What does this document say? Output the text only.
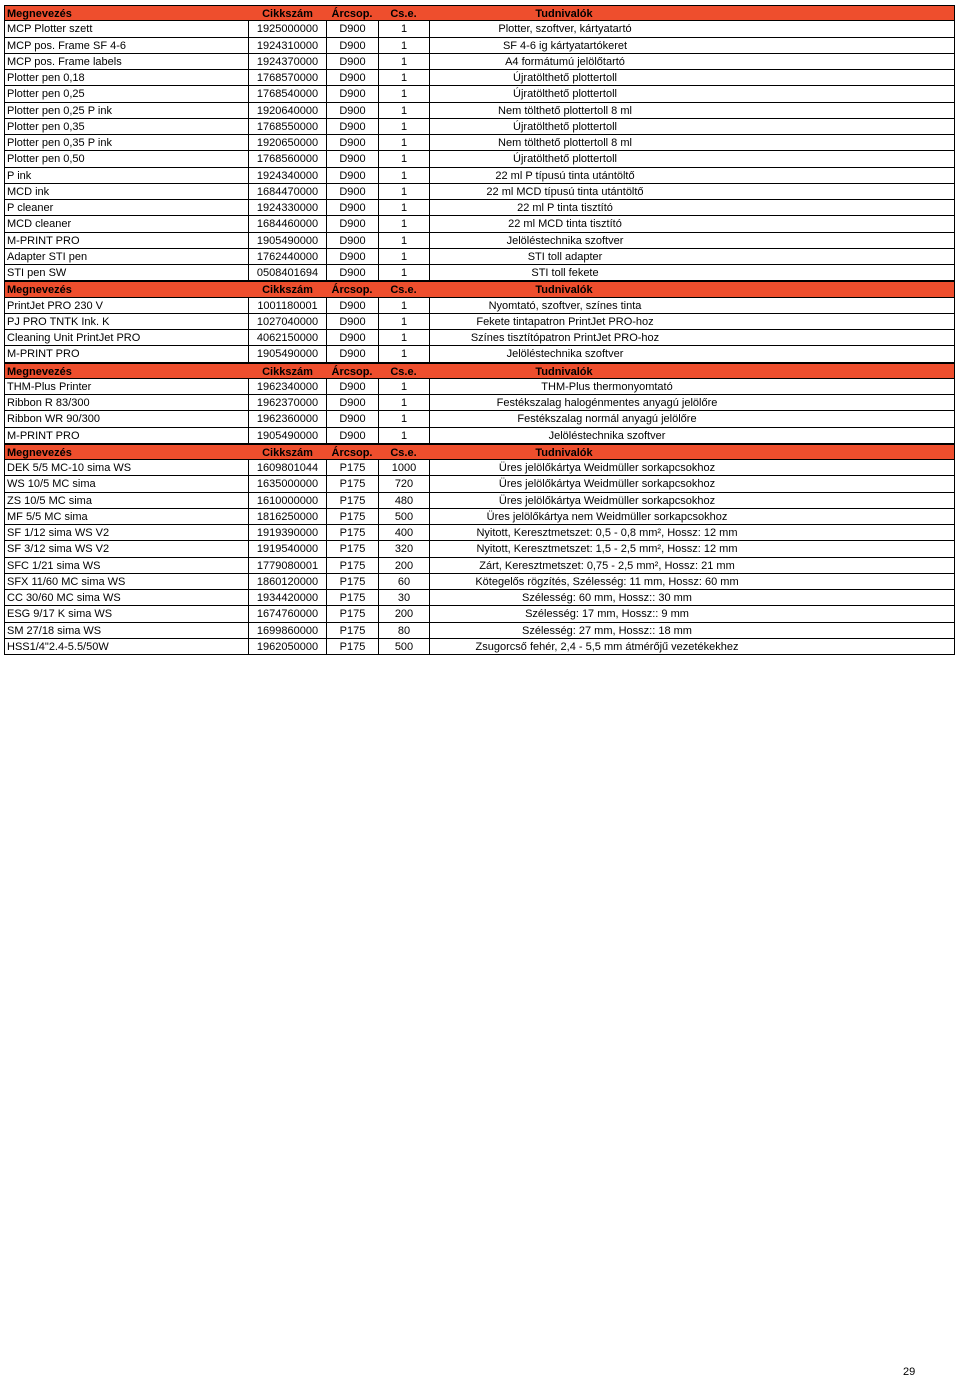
Megnevezés	Cikkszám	Árcsop.	Cs.e.	Tudnivalók
MCP Plotter szett	1925000000	D900	1	Plotter, szoftver, kártyatartó
MCP pos. Frame SF 4-6	1924310000	D900	1	SF 4-6 ig kártyatartókeret
MCP pos. Frame labels	1924370000	D900	1	A4 formátumú jelölőtartó
Plotter pen 0,18	1768570000	D900	1	Újratölthető plottertoll
Plotter pen 0,25	1768540000	D900	1	Újratölthető plottertoll
Plotter pen 0,25 P ink	1920640000	D900	1	Nem tölthető plottertoll 8 ml
Plotter pen 0,35	1768550000	D900	1	Újratölthető plottertoll
Plotter pen 0,35 P ink	1920650000	D900	1	Nem tölthető plottertoll 8 ml
Plotter pen 0,50	1768560000	D900	1	Újratölthető plottertoll
P ink	1924340000	D900	1	22 ml P típusú tinta utántöltő
MCD ink	1684470000	D900	1	22 ml MCD típusú tinta utántöltő
P cleaner	1924330000	D900	1	22 ml P tinta tisztító
MCD cleaner	1684460000	D900	1	22 ml MCD tinta tisztító
M-PRINT PRO	1905490000	D900	1	Jelöléstechnika szoftver
Adapter STI pen	1762440000	D900	1	STI toll adapter
STI pen SW	0508401694	D900	1	STI toll fekete
Megnevezés	Cikkszám	Árcsop.	Cs.e.	Tudnivalók
PrintJet PRO 230 V	1001180001	D900	1	Nyomtató, szoftver, színes tinta
PJ PRO TNTK Ink. K	1027040000	D900	1	Fekete tintapatron PrintJet PRO-hoz
Cleaning Unit PrintJet PRO	4062150000	D900	1	Színes tisztítópatron PrintJet PRO-hoz
M-PRINT PRO	1905490000	D900	1	Jelöléstechnika szoftver
Megnevezés	Cikkszám	Árcsop.	Cs.e.	Tudnivalók
THM-Plus Printer	1962340000	D900	1	THM-Plus thermonyomtató
Ribbon R 83/300	1962370000	D900	1	Festékszalag halogénmentes anyagú jelölőre
Ribbon WR 90/300	1962360000	D900	1	Festékszalag normál anyagú jelölőre
M-PRINT PRO	1905490000	D900	1	Jelöléstechnika szoftver
Megnevezés	Cikkszám	Árcsop.	Cs.e.	Tudnivalók
DEK 5/5 MC-10 sima WS	1609801044	P175	1000	Üres jelölőkártya Weidmüller sorkapcsokhoz
WS 10/5 MC sima	1635000000	P175	720	Üres jelölőkártya Weidmüller sorkapcsokhoz
ZS 10/5 MC sima	1610000000	P175	480	Üres jelölőkártya Weidmüller sorkapcsokhoz
MF 5/5 MC sima	1816250000	P175	500	Üres jelölőkártya nem Weidmüller sorkapcsokhoz
SF 1/12 sima WS V2	1919390000	P175	400	Nyitott, Keresztmetszet: 0,5 - 0,8 mm², Hossz: 12 mm
SF 3/12 sima WS V2	1919540000	P175	320	Nyitott, Keresztmetszet: 1,5 - 2,5 mm², Hossz: 12 mm
SFC 1/21 sima WS	1779080001	P175	200	Zárt, Keresztmetszet: 0,75 - 2,5 mm², Hossz: 21 mm
SFX 11/60 MC sima WS	1860120000	P175	60	Kötegelős rögzítés, Szélesség: 11 mm, Hossz: 60 mm
CC 30/60 MC sima WS	1934420000	P175	30	Szélesség: 60 mm, Hossz:: 30 mm
ESG 9/17 K sima WS	1674760000	P175	200	Szélesség: 17 mm, Hossz:: 9 mm
SM 27/18 sima WS	1699860000	P175	80	Szélesség: 27 mm, Hossz:: 18 mm
HSS1/4"2.4-5.5/50W	1962050000	P175	500	Zsugorcső fehér, 2,4 - 5,5 mm átmérőjű vezetékekhez
29
